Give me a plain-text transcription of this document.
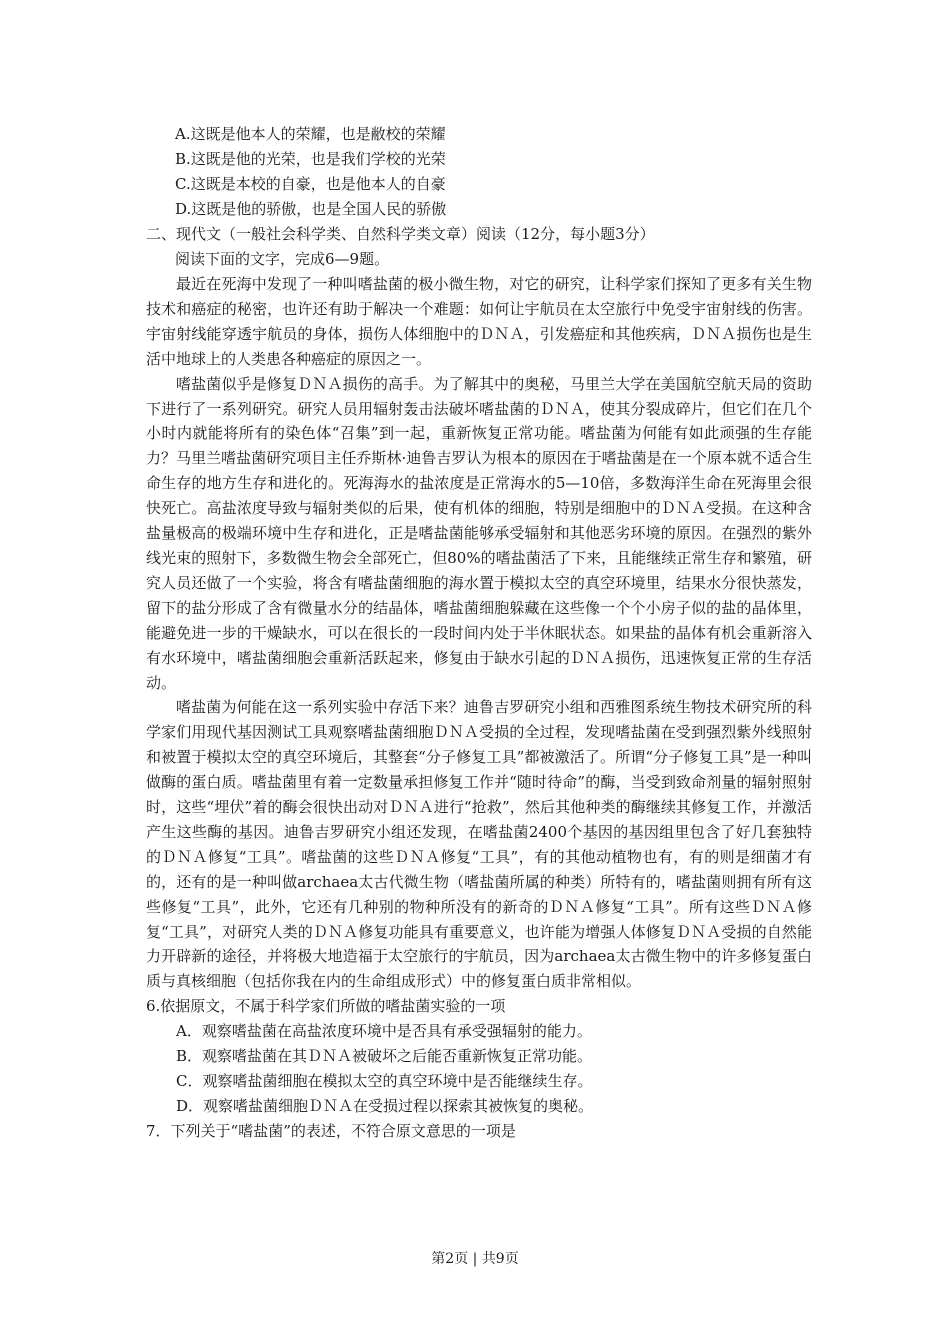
A.这既是他本人的荣耀，也是敝校的荣耀
B.这既是他的光荣，也是我们学校的光荣
C.这既是本校的自豪，也是他本人的自豪
D.这既是他的骄傲，也是全国人民的骄傲
二、现代文（一般社会科学类、自然科学类文章）阅读（12分，每小题3分）
阅读下面的文字，完成6—9题。

最近在死海中发现了一种叫嗜盐菌的极小微生物，对它的研究，让科学家们探知了更多有关生物技术和癌症的秘密，也许还有助于解决一个难题：如何让宇航员在太空旅行中免受宇宙射线的伤害。宇宙射线能穿透宇航员的身体，损伤人体细胞中的ＤＮＡ，引发癌症和其他疾病，ＤＮＡ损伤也是生活中地球上的人类患各种癌症的原因之一。

嗜盐菌似乎是修复ＤＮＡ损伤的高手。为了解其中的奥秘，马里兰大学在美国航空航天局的资助下进行了一系列研究。研究人员用辐射轰击法破坏嗜盐菌的ＤＮＡ，使其分裂成碎片，但它们在几个小时内就能将所有的染色体“召集”到一起，重新恢复正常功能。嗜盐菌为何能有如此顽强的生存能力？马里兰嗜盐菌研究项目主任乔斯林·迪鲁吉罗认为根本的原因在于嗜盐菌是在一个原本就不适合生命生存的地方生存和进化的。死海海水的盐浓度是正常海水的5—10倍，多数海洋生命在死海里会很快死亡。高盐浓度导致与辐射类似的后果，使有机体的细胞，特别是细胞中的ＤＮＡ受损。在这种含盐量极高的极端环境中生存和进化，正是嗜盐菌能够承受辐射和其他恶劣环境的原因。在强烈的紫外线光束的照射下，多数微生物会全部死亡，但80%的嗜盐菌活了下来，且能继续正常生存和繁殖，研究人员还做了一个实验，将含有嗜盐菌细胞的海水置于模拟太空的真空环境里，结果水分很快蒸发，留下的盐分形成了含有微量水分的结晶体，嗜盐菌细胞躲藏在这些像一个个小房子似的盐的晶体里，能避免进一步的干燥缺水，可以在很长的一段时间内处于半休眠状态。如果盐的晶体有机会重新溶入有水环境中，嗜盐菌细胞会重新活跃起来，修复由于缺水引起的ＤＮＡ损伤，迅速恢复正常的生存活动。

嗜盐菌为何能在这一系列实验中存活下来？迪鲁吉罗研究小组和西雅图系统生物技术研究所的科学家们用现代基因测试工具观察嗜盐菌细胞ＤＮＡ受损的全过程，发现嗜盐菌在受到强烈紫外线照射和被置于模拟太空的真空环境后，其整套“分子修复工具”都被激活了。所谓“分子修复工具”是一种叫做酶的蛋白质。嗜盐菌里有着一定数量承担修复工作并“随时待命”的酶，当受到致命剂量的辐射照射时，这些“埋伏”着的酶会很快出动对ＤＮＡ进行“抢救”，然后其他种类的酶继续其修复工作，并激活产生这些酶的基因。迪鲁吉罗研究小组还发现，在嗜盐菌2400个基因的基因组里包含了好几套独特的ＤＮＡ修复“工具”。嗜盐菌的这些ＤＮＡ修复“工具”，有的其他动植物也有，有的则是细菌才有的，还有的是一种叫做archaea太古代微生物（嗜盐菌所属的种类）所特有的，嗜盐菌则拥有所有这些修复“工具”，此外，它还有几种别的物种所没有的新奇的ＤＮＡ修复“工具”。所有这些ＤＮＡ修复“工具”，对研究人类的ＤＮＡ修复功能具有重要意义，也许能为增强人体修复ＤＮＡ受损的自然能力开辟新的途径，并将极大地造福于太空旅行的宇航员，因为archaea太古微生物中的许多修复蛋白质与真核细胞（包括你我在内的生命组成形式）中的修复蛋白质非常相似。

6.依据原文，不属于科学家们所做的嗜盐菌实验的一项
A．观察嗜盐菌在高盐浓度环境中是否具有承受强辐射的能力。
B．观察嗜盐菌在其ＤＮＡ被破坏之后能否重新恢复正常功能。
C．观察嗜盐菌细胞在模拟太空的真空环境中是否能继续生存。
D．观察嗜盐菌细胞ＤＮＡ在受损过程以探索其被恢复的奥秘。
7．下列关于“嗜盐菌”的表述，不符合原文意思的一项是
第2页 | 共9页
